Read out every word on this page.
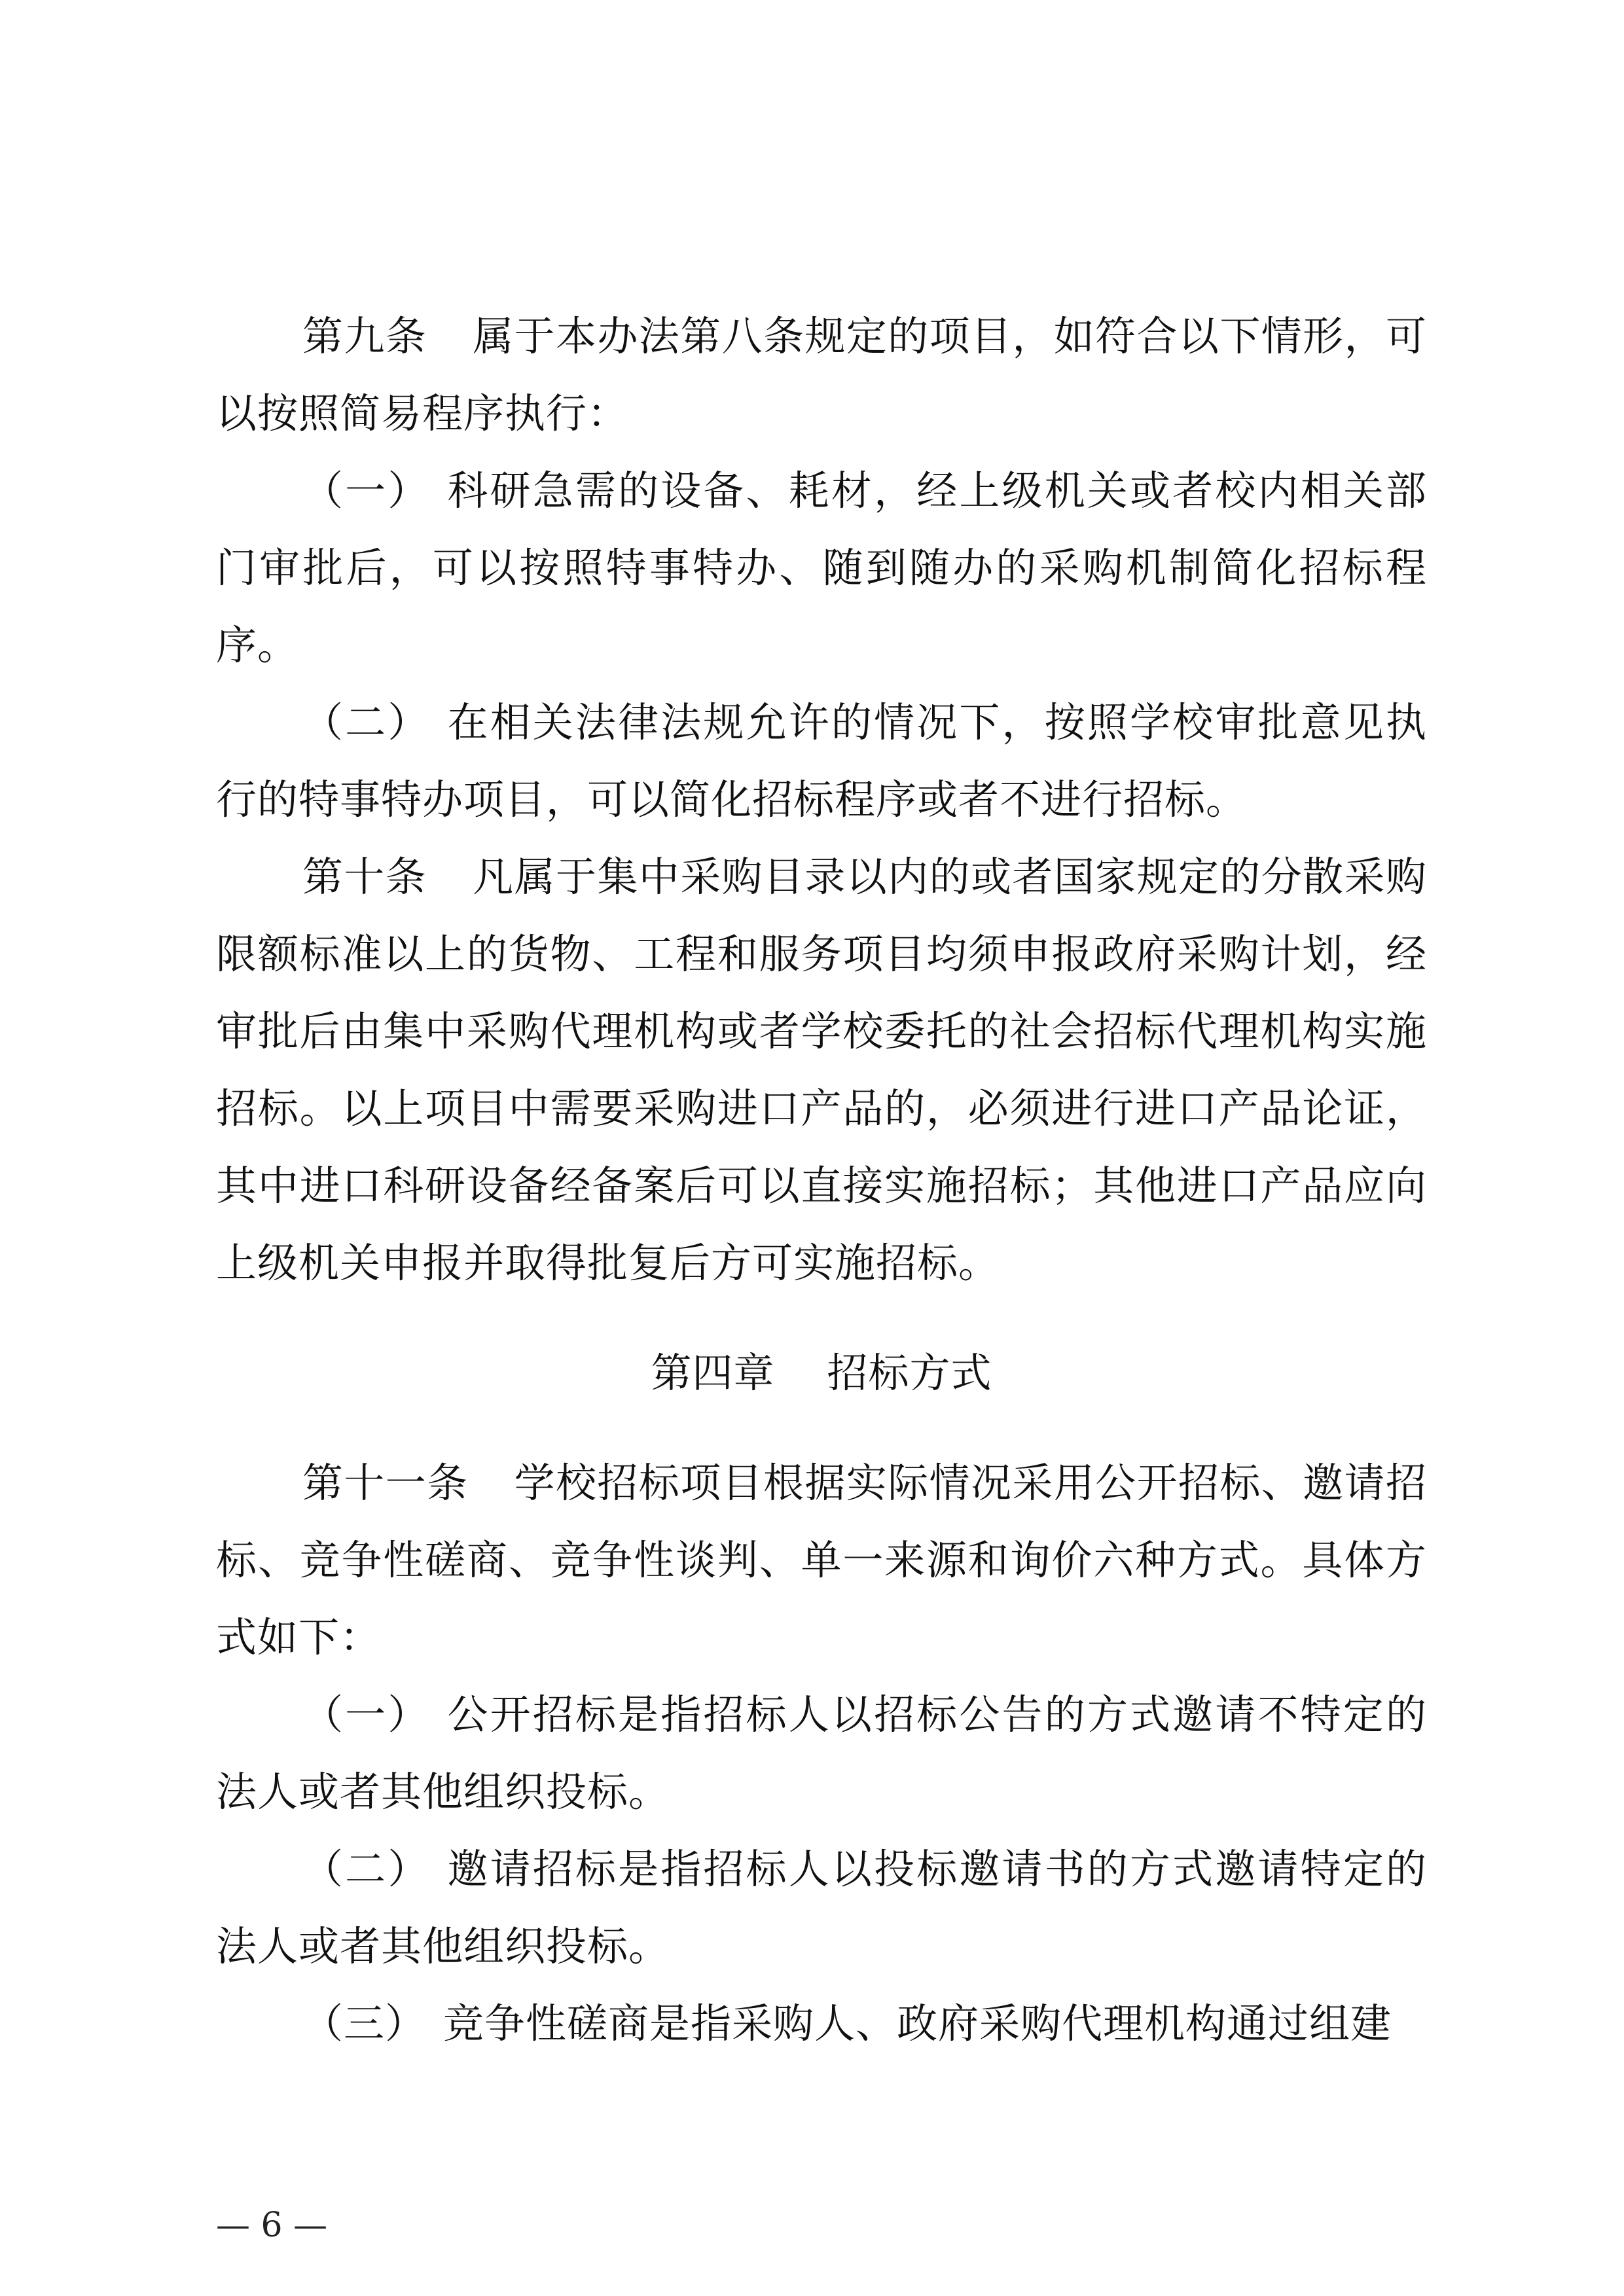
第九条 属于本办法第八条规定的项目，如符合以下情形，可以按照简易程序执行：

（一） 科研急需的设备、耗材，经上级机关或者校内相关部门审批后，可以按照特事特办、随到随办的采购机制简化招标程序。

（二） 在相关法律法规允许的情况下，按照学校审批意见执行的特事特办项目，可以简化招标程序或者不进行招标。

第十条 凡属于集中采购目录以内的或者国家规定的分散采购限额标准以上的货物、工程和服务项目均须申报政府采购计划，经审批后由集中采购代理机构或者学校委托的社会招标代理机构实施招标。以上项目中需要采购进口产品的，必须进行进口产品论证，其中进口科研设备经备案后可以直接实施招标；其他进口产品应向上级机关申报并取得批复后方可实施招标。

第四章 招标方式

第十一条 学校招标项目根据实际情况采用公开招标、邀请招标、竞争性磋商、竞争性谈判、单一来源和询价六种方式。具体方式如下：

（一） 公开招标是指招标人以招标公告的方式邀请不特定的法人或者其他组织投标。

（二） 邀请招标是指招标人以投标邀请书的方式邀请特定的法人或者其他组织投标。

（三） 竞争性磋商是指采购人、政府采购代理机构通过组建

— 6 —
